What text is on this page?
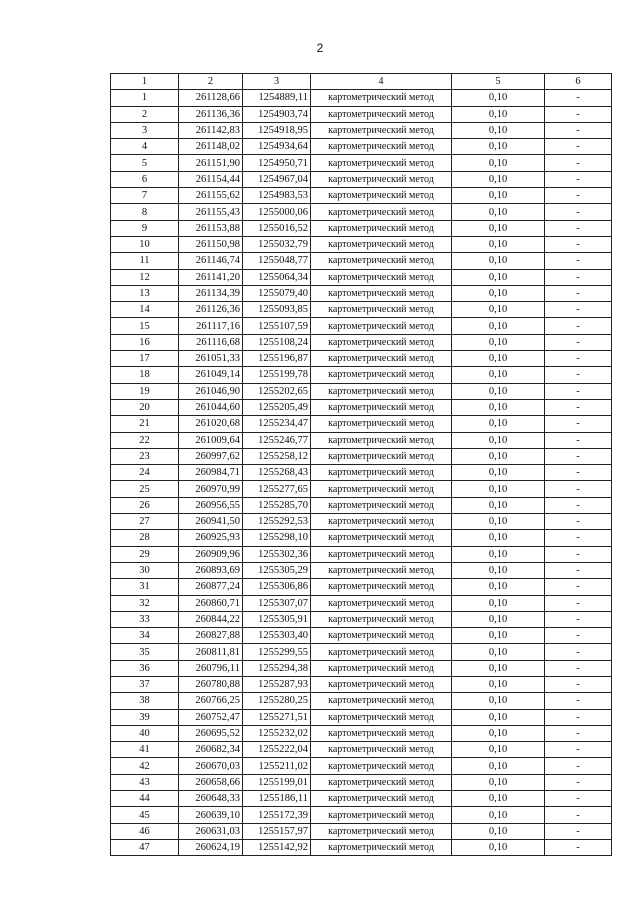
2
1	2	3	4	5	6
1	261128,66	1254889,11	картометрический метод	0,10	-
2	261136,36	1254903,74	картометрический метод	0,10	-
3	261142,83	1254918,95	картометрический метод	0,10	-
4	261148,02	1254934,64	картометрический метод	0,10	-
5	261151,90	1254950,71	картометрический метод	0,10	-
6	261154,44	1254967,04	картометрический метод	0,10	-
7	261155,62	1254983,53	картометрический метод	0,10	-
8	261155,43	1255000,06	картометрический метод	0,10	-
9	261153,88	1255016,52	картометрический метод	0,10	-
10	261150,98	1255032,79	картометрический метод	0,10	-
11	261146,74	1255048,77	картометрический метод	0,10	-
12	261141,20	1255064,34	картометрический метод	0,10	-
13	261134,39	1255079,40	картометрический метод	0,10	-
14	261126,36	1255093,85	картометрический метод	0,10	-
15	261117,16	1255107,59	картометрический метод	0,10	-
16	261116,68	1255108,24	картометрический метод	0,10	-
17	261051,33	1255196,87	картометрический метод	0,10	-
18	261049,14	1255199,78	картометрический метод	0,10	-
19	261046,90	1255202,65	картометрический метод	0,10	-
20	261044,60	1255205,49	картометрический метод	0,10	-
21	261020,68	1255234,47	картометрический метод	0,10	-
22	261009,64	1255246,77	картометрический метод	0,10	-
23	260997,62	1255258,12	картометрический метод	0,10	-
24	260984,71	1255268,43	картометрический метод	0,10	-
25	260970,99	1255277,65	картометрический метод	0,10	-
26	260956,55	1255285,70	картометрический метод	0,10	-
27	260941,50	1255292,53	картометрический метод	0,10	-
28	260925,93	1255298,10	картометрический метод	0,10	-
29	260909,96	1255302,36	картометрический метод	0,10	-
30	260893,69	1255305,29	картометрический метод	0,10	-
31	260877,24	1255306,86	картометрический метод	0,10	-
32	260860,71	1255307,07	картометрический метод	0,10	-
33	260844,22	1255305,91	картометрический метод	0,10	-
34	260827,88	1255303,40	картометрический метод	0,10	-
35	260811,81	1255299,55	картометрический метод	0,10	-
36	260796,11	1255294,38	картометрический метод	0,10	-
37	260780,88	1255287,93	картометрический метод	0,10	-
38	260766,25	1255280,25	картометрический метод	0,10	-
39	260752,47	1255271,51	картометрический метод	0,10	-
40	260695,52	1255232,02	картометрический метод	0,10	-
41	260682,34	1255222,04	картометрический метод	0,10	-
42	260670,03	1255211,02	картометрический метод	0,10	-
43	260658,66	1255199,01	картометрический метод	0,10	-
44	260648,33	1255186,11	картометрический метод	0,10	-
45	260639,10	1255172,39	картометрический метод	0,10	-
46	260631,03	1255157,97	картометрический метод	0,10	-
47	260624,19	1255142,92	картометрический метод	0,10	-
